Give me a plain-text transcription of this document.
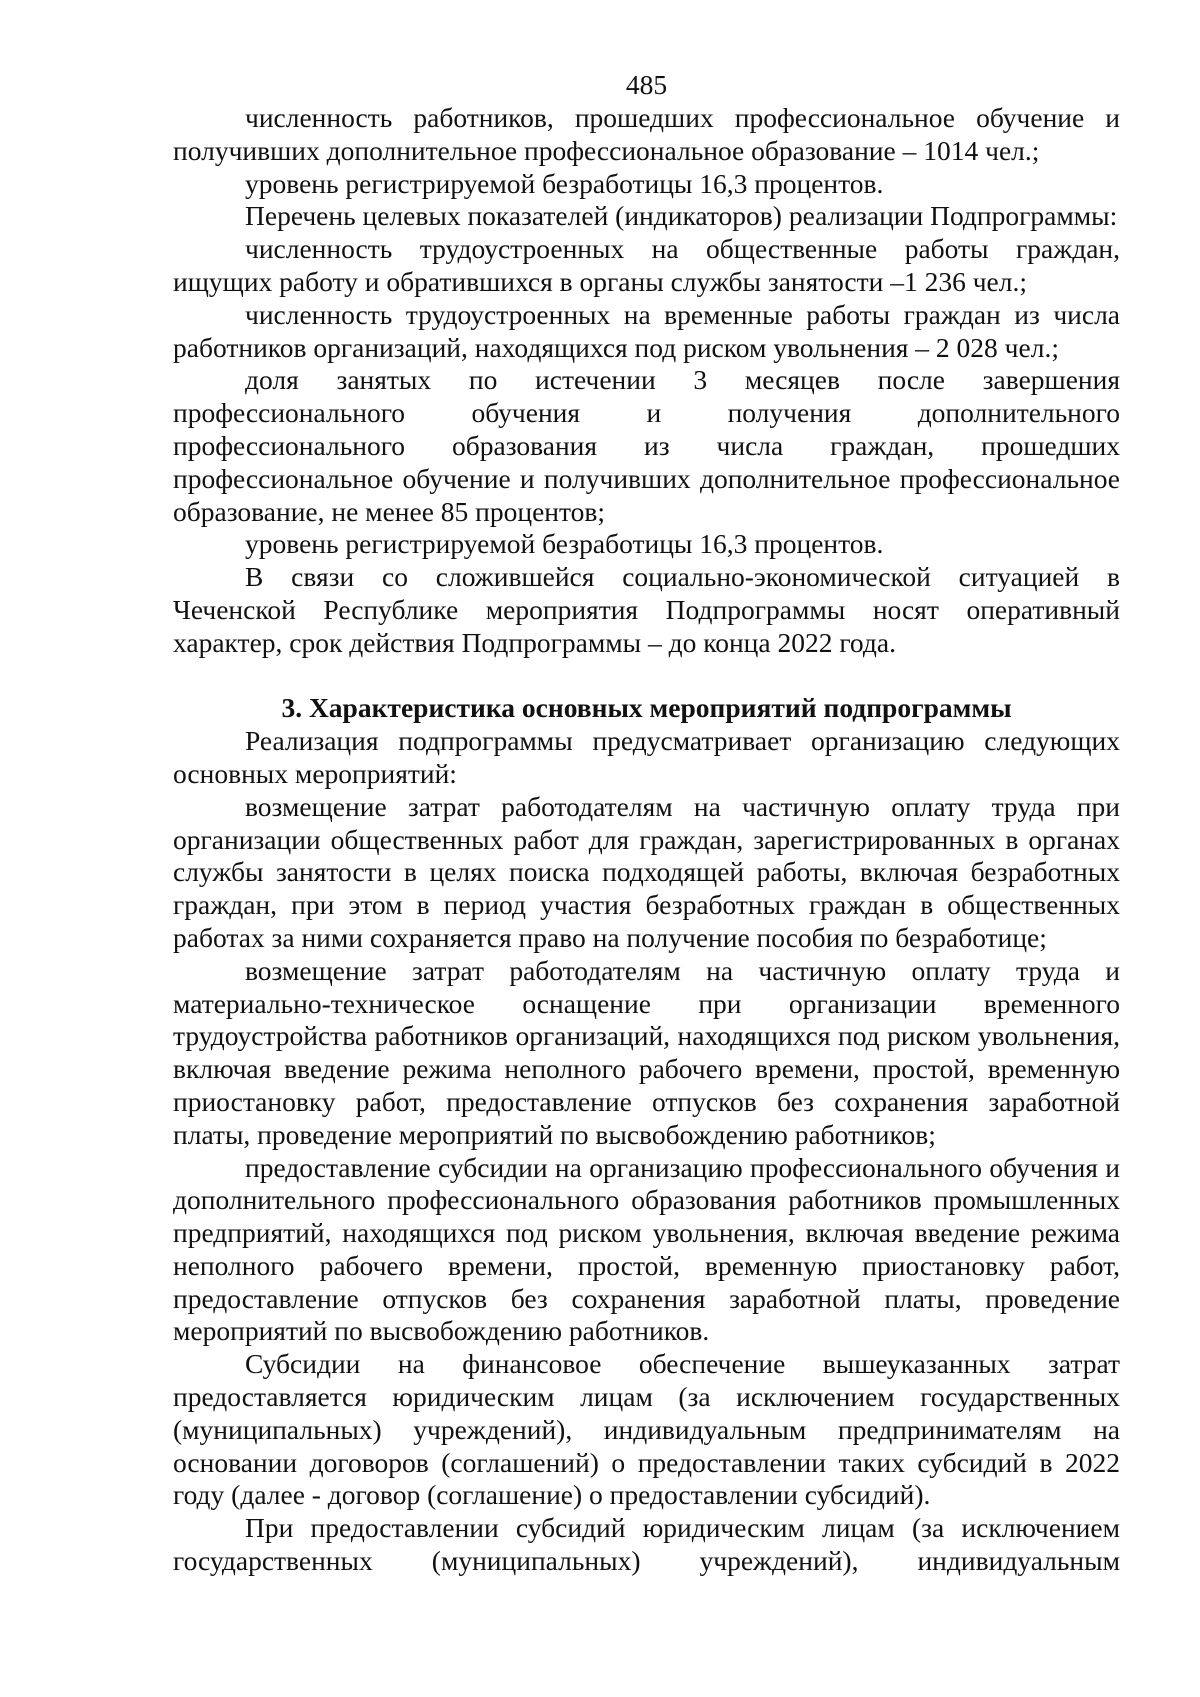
485

численность работников, прошедших профессиональное обучение и получивших дополнительное профессиональное образование – 1014 чел.;

уровень регистрируемой безработицы 16,3 процентов.

Перечень целевых показателей (индикаторов) реализации Подпрограммы:

численность трудоустроенных на общественные работы граждан, ищущих работу и обратившихся в органы службы занятости –1 236 чел.;

численность трудоустроенных на временные работы граждан из числа работников организаций, находящихся под риском увольнения – 2 028 чел.;

доля занятых по истечении 3 месяцев после завершения профессионального обучения и получения дополнительного профессионального образования из числа граждан, прошедших профессиональное обучение и получивших дополнительное профессиональное образование, не менее 85 процентов;

уровень регистрируемой безработицы 16,3 процентов.

В связи со сложившейся социально-экономической ситуацией в Чеченской Республике мероприятия Подпрограммы носят оперативный характер, срок действия Подпрограммы – до конца 2022 года.

3. Характеристика основных мероприятий подпрограммы

Реализация подпрограммы предусматривает организацию следующих основных мероприятий:

возмещение затрат работодателям на частичную оплату труда при организации общественных работ для граждан, зарегистрированных в органах службы занятости в целях поиска подходящей работы, включая безработных граждан, при этом в период участия безработных граждан в общественных работах за ними сохраняется право на получение пособия по безработице;

возмещение затрат работодателям на частичную оплату труда и материально-техническое оснащение при организации временного трудоустройства работников организаций, находящихся под риском увольнения, включая введение режима неполного рабочего времени, простой, временную приостановку работ, предоставление отпусков без сохранения заработной платы, проведение мероприятий по высвобождению работников;

предоставление субсидии на организацию профессионального обучения и дополнительного профессионального образования работников промышленных предприятий, находящихся под риском увольнения, включая введение режима неполного рабочего времени, простой, временную приостановку работ, предоставление отпусков без сохранения заработной платы, проведение мероприятий по высвобождению работников.

Субсидии на финансовое обеспечение вышеуказанных затрат предоставляется юридическим лицам (за исключением государственных (муниципальных) учреждений), индивидуальным предпринимателям на основании договоров (соглашений) о предоставлении таких субсидий в 2022 году (далее - договор (соглашение) о предоставлении субсидий).

При предоставлении субсидий юридическим лицам (за исключением государственных (муниципальных) учреждений), индивидуальным
